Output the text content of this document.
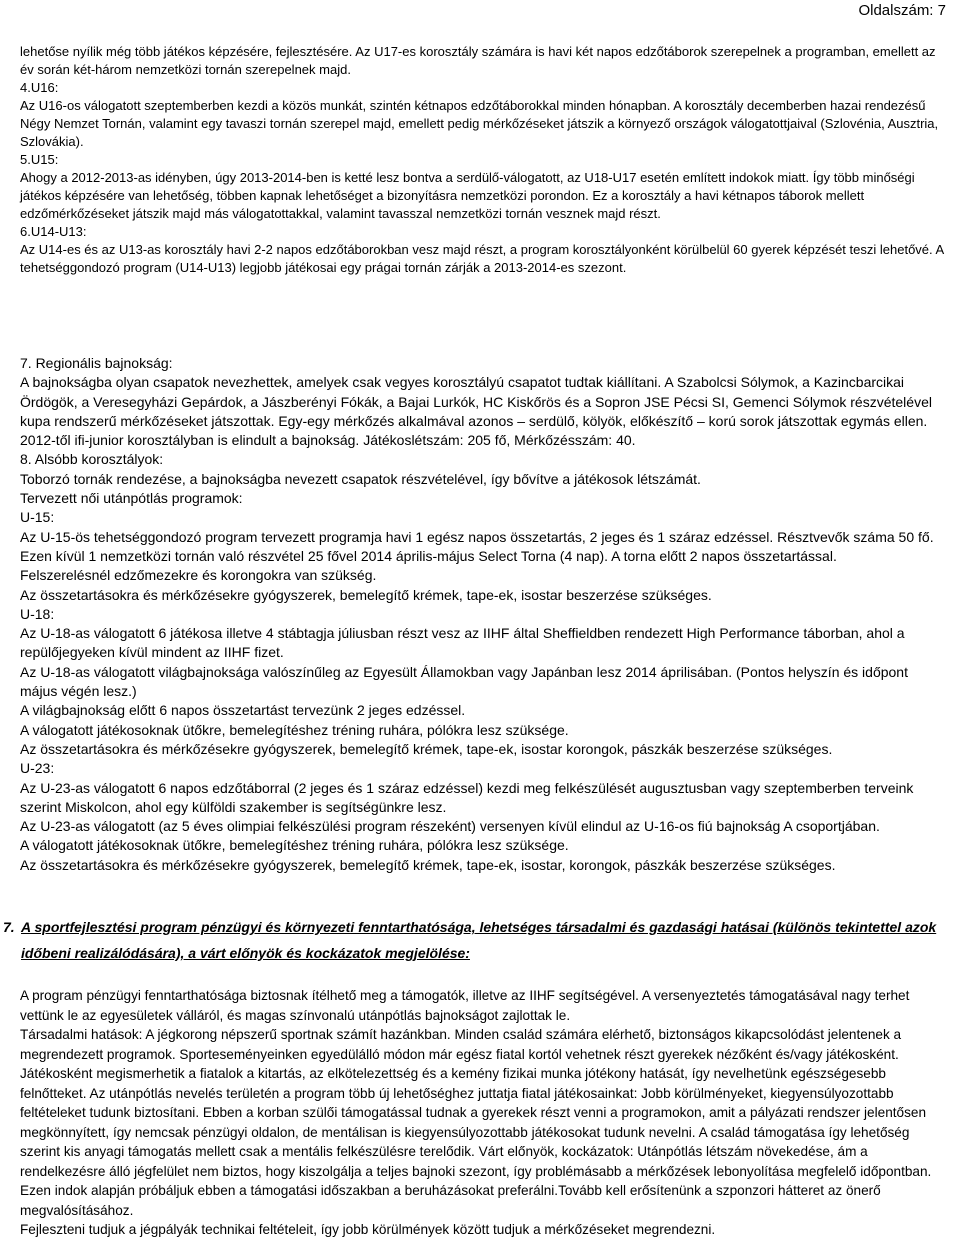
Oldalszám: 7

lehetőse nyílik még több játékos képzésére, fejlesztésére. Az U17-es korosztály számára is havi két napos edzőtáborok szerepelnek a programban, emellett az év során két-három nemzetközi tornán szerepelnek majd.

4.U16:

Az U16-os válogatott szeptemberben kezdi a közös munkát, szintén kétnapos edzőtáborokkal minden hónapban. A korosztály decemberben hazai rendezésű Négy Nemzet Tornán, valamint egy tavaszi tornán szerepel majd, emellett pedig mérkőzéseket játszik a környező országok válogatottjaival (Szlovénia, Ausztria, Szlovákia).

5.U15:

Ahogy a 2012-2013-as idényben, úgy 2013-2014-ben is ketté lesz bontva a serdülő-válogatott, az U18-U17 esetén említett indokok miatt. Így több minőségi játékos képzésére van lehetőség, többen kapnak lehetőséget a bizonyításra nemzetközi porondon. Ez a korosztály a havi kétnapos táborok mellett edzőmérkőzéseket játszik majd más válogatottakkal, valamint tavasszal nemzetközi tornán vesznek majd részt.

6.U14-U13:

Az U14-es és az U13-as korosztály havi 2-2 napos edzőtáborokban vesz majd részt, a program korosztályonként körülbelül 60 gyerek képzését teszi lehetővé. A tehetséggondozó program (U14-U13) legjobb játékosai egy prágai tornán zárják a 2013-2014-es szezont.

7. Regionális bajnokság:

A bajnokságba olyan csapatok nevezhettek, amelyek csak vegyes korosztályú csapatot tudtak kiállítani. A Szabolcsi Sólymok, a Kazincbarcikai Ördögök, a Veresegyházi Gepárdok, a Jászberényi Fókák, a Bajai Lurkók, HC Kiskőrös és a Sopron JSE Pécsi SI, Gemenci Sólymok részvételével kupa rendszerű mérkőzéseket játszottak. Egy-egy mérkőzés alkalmával azonos – serdülő, kölyök, előkészítő – korú sorok játszottak egymás ellen. 2012-től ifi-junior korosztályban is elindult a bajnokság. Játékoslétszám: 205 fő, Mérkőzésszám: 40.

8. Alsóbb korosztályok:

Toborzó tornák rendezése, a bajnokságba nevezett csapatok részvételével, így bővítve a játékosok létszámát.

Tervezett női utánpótlás programok:

U-15:

Az U-15-ös tehetséggondozó program tervezett programja havi 1 egész napos összetartás, 2 jeges és 1 száraz edzéssel. Résztvevők száma 50 fő. Ezen kívül 1 nemzetközi tornán való részvétel 25 fővel 2014 április-május Select Torna (4 nap). A torna előtt 2 napos összetartással.

Felszerelésnél edzőmezekre és korongokra van szükség.

Az összetartásokra és mérkőzésekre gyógyszerek, bemelegítő krémek, tape-ek, isostar beszerzése szükséges.

U-18:

Az U-18-as válogatott 6 játékosa illetve 4 stábtagja júliusban részt vesz az IIHF által Sheffieldben rendezett High Performance táborban, ahol a repülőjegyeken kívül mindent az IIHF fizet.

Az U-18-as válogatott világbajnoksága valószínűleg az Egyesült Államokban vagy Japánban lesz 2014 áprilisában. (Pontos helyszín és időpont május végén lesz.)

A világbajnokság előtt 6 napos összetartást tervezünk 2 jeges edzéssel.

A válogatott játékosoknak ütőkre, bemelegítéshez tréning ruhára, pólókra lesz szüksége.

Az összetartásokra és mérkőzésekre gyógyszerek, bemelegítő krémek, tape-ek, isostar korongok, pászkák beszerzése szükséges.

U-23:

Az U-23-as válogatott 6 napos edzőtáborral (2 jeges és 1 száraz edzéssel) kezdi meg felkészülését augusztusban vagy szeptemberben terveink szerint Miskolcon, ahol egy külföldi szakember is segítségünkre lesz.

Az U-23-as válogatott (az 5 éves olimpiai felkészülési program részeként) versenyen kívül elindul az U-16-os fiú bajnokság A csoportjában.

A válogatott játékosoknak ütőkre, bemelegítéshez tréning ruhára, pólókra lesz szüksége.

Az összetartásokra és mérkőzésekre gyógyszerek, bemelegítő krémek, tape-ek, isostar, korongok, pászkák beszerzése szükséges.

7. A sportfejlesztési program pénzügyi és környezeti fenntarthatósága, lehetséges társadalmi és gazdasági hatásai (különös tekintettel azok
időbeni realizálódására), a várt előnyök és kockázatok megjelölése:

A program pénzügyi fenntarthatósága biztosnak ítélhető meg a támogatók, illetve az IIHF segítségével. A versenyeztetés támogatásával nagy terhet vettünk le az egyesületek válláról, és magas színvonalú utánpótlás bajnokságot zajlottak le.

Társadalmi hatások: A jégkorong népszerű sportnak számít hazánkban. Minden család számára elérhető, biztonságos kikapcsolódást jelentenek a megrendezett programok. Sporteseményeinken egyedülálló módon már egész fiatal kortól vehetnek részt gyerekek nézőként és/vagy játékosként. Játékosként megismerhetik a fiatalok a kitartás, az elkötelezettség és a kemény fizikai munka jótékony hatását, így nevelhetünk egészségesebb felnőtteket. Az utánpótlás nevelés területén a program több új lehetőséghez juttatja fiatal játékosainkat: Jobb körülményeket, kiegyensúlyozottabb feltételeket tudunk biztosítani. Ebben a korban szülői támogatással tudnak a gyerekek részt venni a programokon, amit a pályázati rendszer jelentősen megkönnyített, így nemcsak pénzügyi oldalon, de mentálisan is kiegyensúlyozottabb játékosokat tudunk nevelni. A család támogatása így lehetőség szerint kis anyagi támogatás mellett csak a mentális felkészülésre terelődik. Várt előnyök, kockázatok: Utánpótlás létszám növekedése, ám a rendelkezésre álló jégfelület nem biztos, hogy kiszolgálja a teljes bajnoki szezont, így problémásabb a mérkőzések lebonyolítása megfelelő időpontban. Ezen indok alapján próbáljuk ebben a támogatási időszakban a beruházásokat preferálni.Tovább kell erősítenünk a szponzori hátteret az önerő megvalósításához.

Fejleszteni tudjuk a jégpályák technikai feltételeit, így jobb körülmények között tudjuk a mérkőzéseket megrendezni.
